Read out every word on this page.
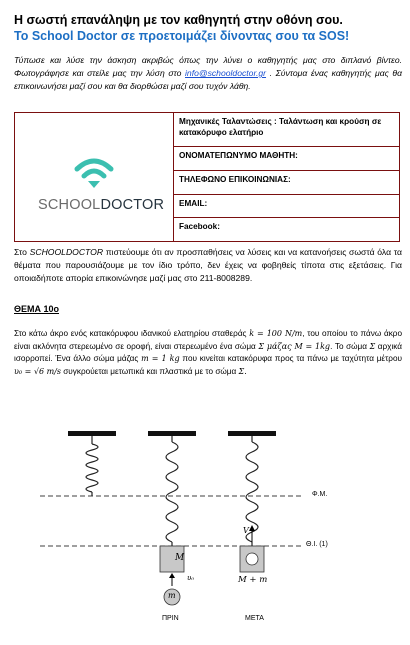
Η σωστή επανάληψη με τον καθηγητή στην οθόνη σου.
Το School Doctor σε προετοιμάζει δίνοντας σου τα SOS!
Τύπωσε και λύσε την άσκηση ακριβώς όπως την λύνει ο καθηγητής μας στο διπλανό βίντεο. Φωτογράφησε και στείλε μας την λύση στο info@schooldoctor.gr . Σύντομα ένας καθηγητής μας θα επικοινωνήσει μαζί σου και θα διορθώσει μαζί σου τυχόν λάθη.
SCHOOLDOCTOR
Μηχανικές Ταλαντώσεις : Ταλάντωση και κρούση σε κατακόρυφο ελατήριο
ΟΝΟΜΑΤΕΠΩΝΥΜΟ ΜΑΘΗΤΗ:
ΤΗΛΕΦΩΝΟ ΕΠΙΚΟΙΝΩΝΙΑΣ:
EMAIL:
Facebook:
Στο SCHOOLDOCTOR πιστεύουμε ότι αν προσπαθήσεις να λύσεις και να κατανοήσεις σωστά όλα τα θέματα που παρουσιάζουμε με τον ίδιο τρόπο, δεν έχεις να φοβηθείς τίποτα στις εξετάσεις. Για οποιαδήποτε απορία επικοινώνησε μαζί μας στο 211-8008289.
ΘΕΜΑ 10ο
Στο κάτω άκρο ενός κατακόρυφου ιδανικού ελατηρίου σταθεράς k = 100 N/m, του οποίου το πάνω άκρο είναι ακλόνητα στερεωμένο σε οροφή, είναι στερεωμένο ένα σώμα Σ μάζας M = 1kg. Το σώμα Σ αρχικά ισορροπεί. Ένα άλλο σώμα μάζας m = 1 kg που κινείται κατακόρυφα προς τα πάνω με ταχύτητα μέτρου υ₀ = √6 m/s συγκρούεται μετωπικά και πλαστικά με το σώμα Σ.
Φ.Μ.
Θ.Ι. (1)
M
υ₀
m
V
M + m
ΠΡΙΝ	ΜΕΤΑ
